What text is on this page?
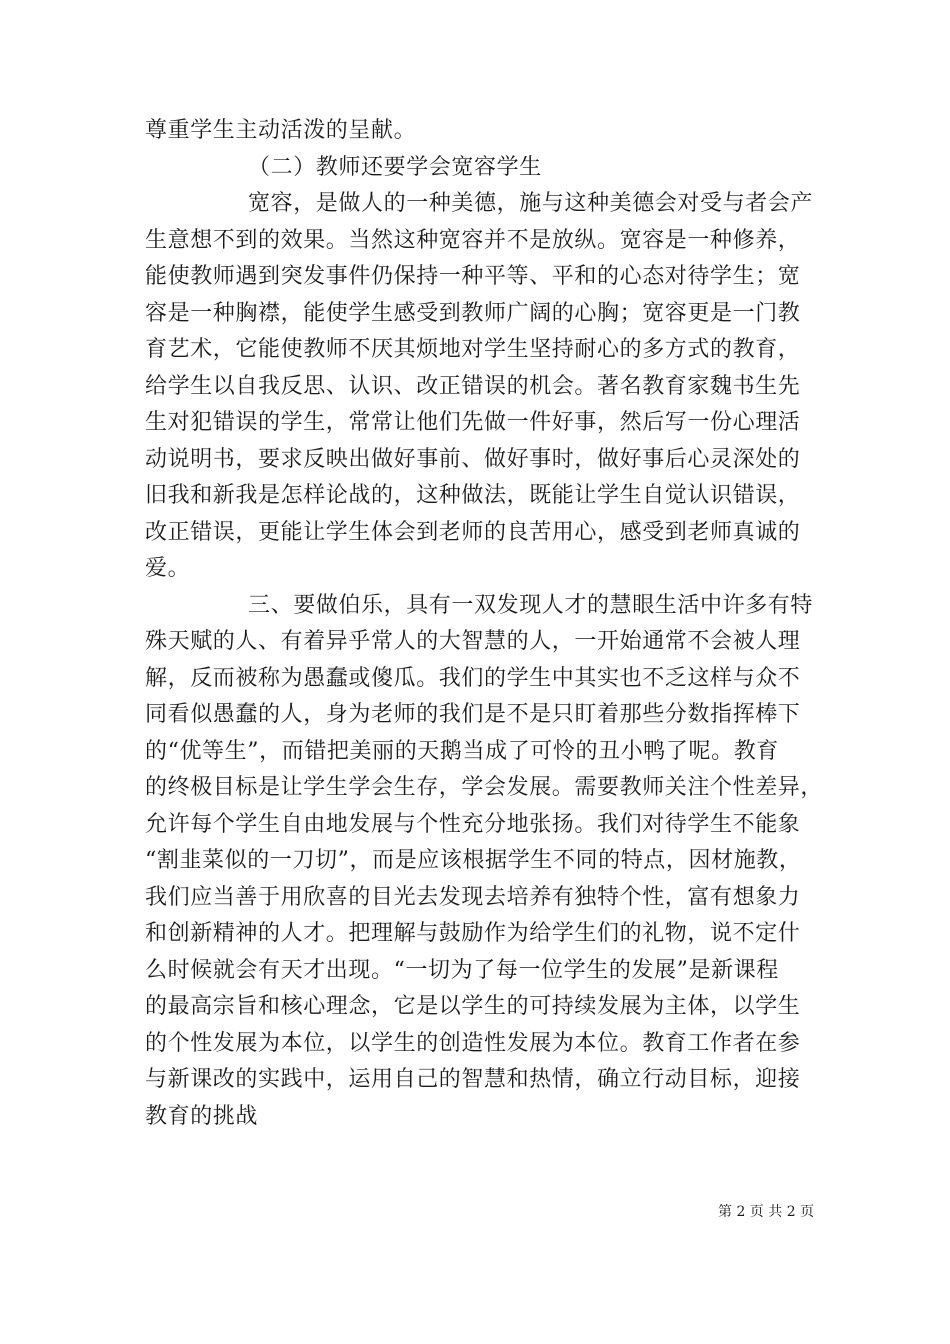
尊重学生主动活泼的呈献。
（二）教师还要学会宽容学生
宽容，是做人的一种美德，施与这种美德会对受与者会产
生意想不到的效果。当然这种宽容并不是放纵。宽容是一种修养，
能使教师遇到突发事件仍保持一种平等、平和的心态对待学生；宽
容是一种胸襟，能使学生感受到教师广阔的心胸；宽容更是一门教
育艺术，它能使教师不厌其烦地对学生坚持耐心的多方式的教育，
给学生以自我反思、认识、改正错误的机会。著名教育家魏书生先
生对犯错误的学生，常常让他们先做一件好事，然后写一份心理活
动说明书，要求反映出做好事前、做好事时，做好事后心灵深处的
旧我和新我是怎样论战的，这种做法，既能让学生自觉认识错误，
改正错误，更能让学生体会到老师的良苦用心，感受到老师真诚的
爱。
三、要做伯乐，具有一双发现人才的慧眼生活中许多有特
殊天赋的人、有着异乎常人的大智慧的人，一开始通常不会被人理
解，反而被称为愚蠢或傻瓜。我们的学生中其实也不乏这样与众不
同看似愚蠢的人，身为老师的我们是不是只盯着那些分数指挥棒下
的“优等生”，而错把美丽的天鹅当成了可怜的丑小鸭了呢。教育
的终极目标是让学生学会生存，学会发展。需要教师关注个性差异，
允许每个学生自由地发展与个性充分地张扬。我们对待学生不能象
“割韭菜似的一刀切”，而是应该根据学生不同的特点，因材施教，
我们应当善于用欣喜的目光去发现去培养有独特个性，富有想象力
和创新精神的人才。把理解与鼓励作为给学生们的礼物，说不定什
么时候就会有天才出现。“一切为了每一位学生的发展”是新课程
的最高宗旨和核心理念，它是以学生的可持续发展为主体，以学生
的个性发展为本位，以学生的创造性发展为本位。教育工作者在参
与新课改的实践中，运用自己的智慧和热情，确立行动目标，迎接
教育的挑战
第 2 页 共 2 页
